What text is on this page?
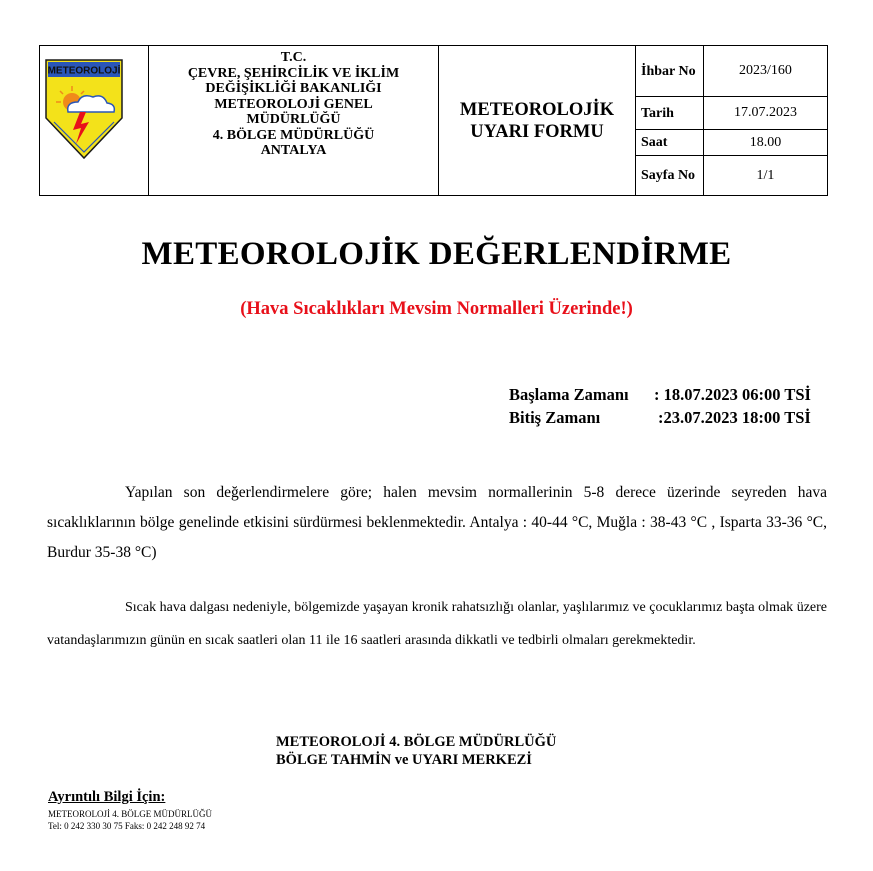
METEOROLOJİ
T.C.
ÇEVRE, ŞEHİRCİLİK VE İKLİM
DEĞİŞİKLİĞİ BAKANLIĞI
METEOROLOJİ GENEL
MÜDÜRLÜĞÜ
4. BÖLGE MÜDÜRLÜĞÜ
ANTALYA
METEOROLOJİK
UYARI FORMU
İhbar No	2023/160
Tarih	17.07.2023
Saat	18.00
Sayfa No	1/1
METEOROLOJİK DEĞERLENDİRME
(Hava Sıcaklıkları Mevsim Normalleri Üzerinde!)
Başlama Zamanı : 18.07.2023 06:00 TSİ
Bitiş Zamanı	:23.07.2023 18:00 TSİ
Yapılan son değerlendirmelere göre; halen mevsim normallerinin 5-8 derece üzerinde seyreden hava sıcaklıklarının bölge genelinde etkisini sürdürmesi beklenmektedir. Antalya : 40-44 °C, Muğla : 38-43 °C , Isparta 33-36 °C, Burdur 35-38 °C)
Sıcak hava dalgası nedeniyle, bölgemizde yaşayan kronik rahatsızlığı olanlar, yaşlılarımız ve çocuklarımız başta olmak üzere vatandaşlarımızın günün en sıcak saatleri olan 11 ile 16 saatleri arasında dikkatli ve tedbirli olmaları gerekmektedir.
METEOROLOJİ 4. BÖLGE MÜDÜRLÜĞÜ
BÖLGE TAHMİN ve UYARI MERKEZİ
Ayrıntılı Bilgi İçin:
METEOROLOJİ 4. BÖLGE MÜDÜRLÜĞÜ
Tel: 0 242 330 30 75 Faks: 0 242 248 92 74
